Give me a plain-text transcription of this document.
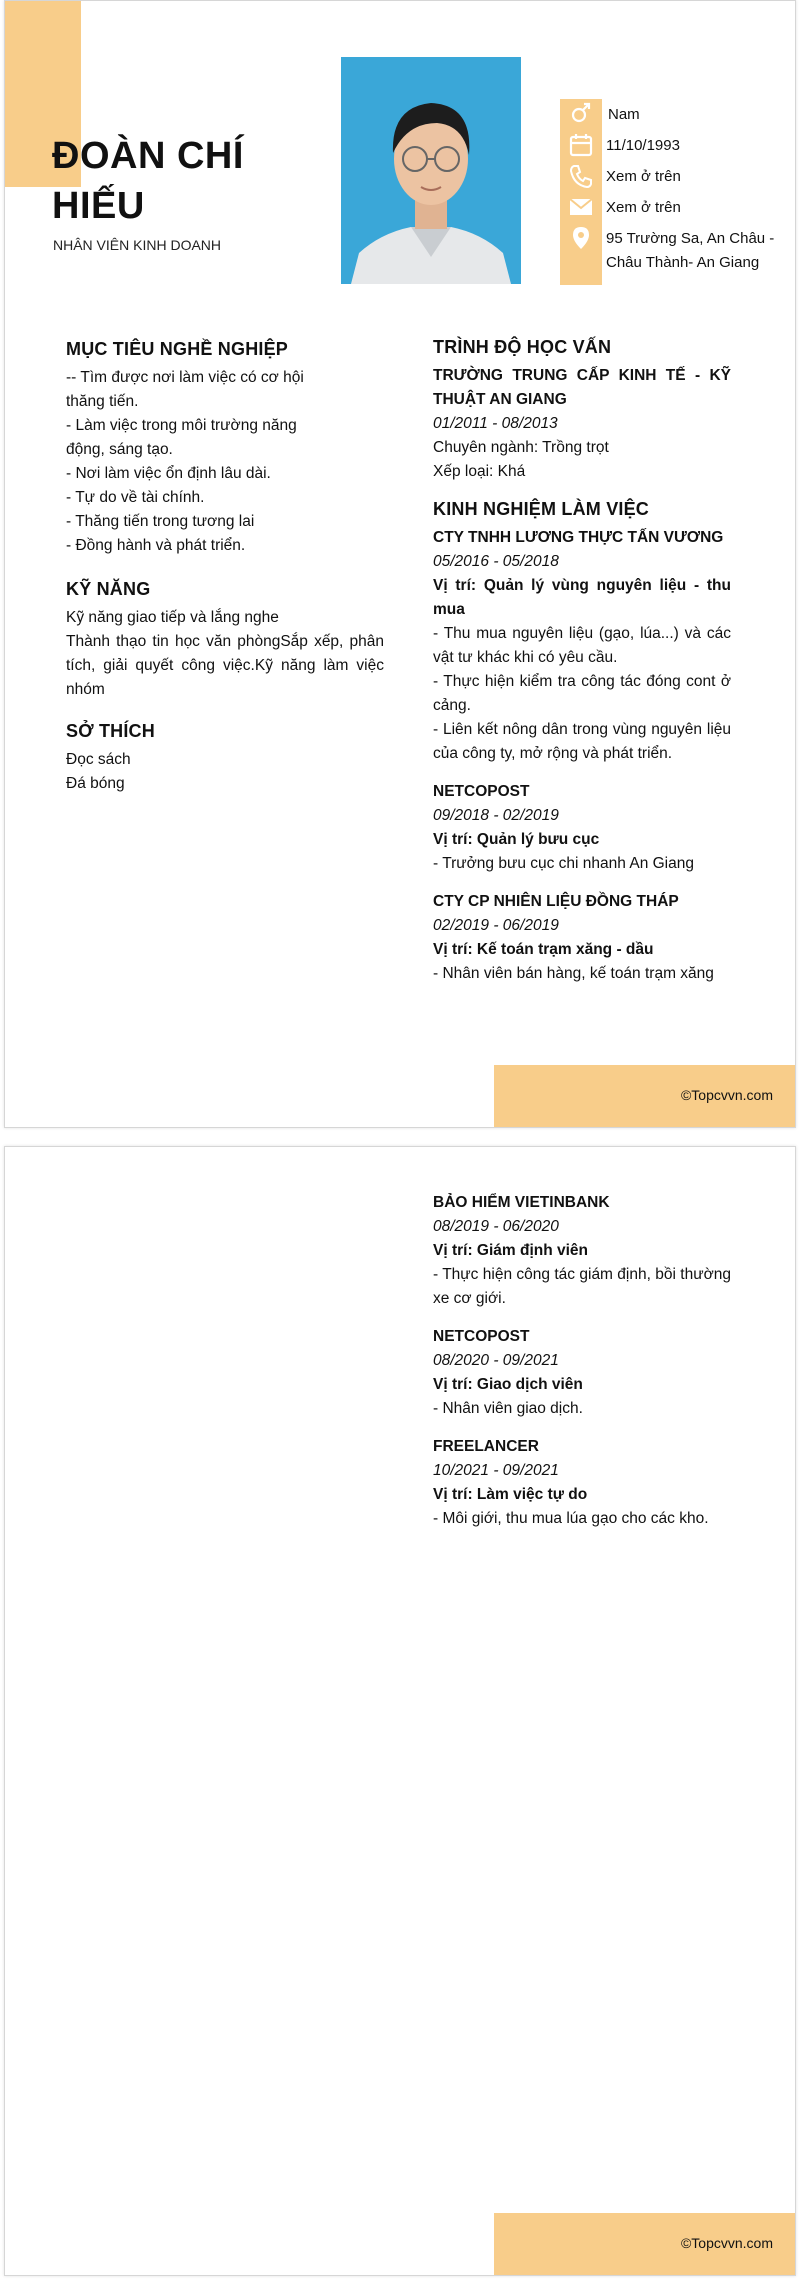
ĐOÀN CHÍ HIẾU
NHÂN VIÊN KINH DOANH
Nam
11/10/1993
Xem ở trên
Xem ở trên
95 Trường Sa, An Châu - Châu Thành- An Giang
MỤC TIÊU NGHỀ NGHIỆP
-- Tìm được nơi làm việc có cơ hội thăng tiến.
- Làm việc trong môi trường năng động, sáng tạo.
- Nơi làm việc ổn định lâu dài.
- Tự do về tài chính.
- Thăng tiến trong tương lai
- Đồng hành và phát triển.
KỸ NĂNG
Kỹ năng giao tiếp và lắng nghe
Thành thạo tin học văn phòngSắp xếp, phân tích, giải quyết công việc.Kỹ năng làm việc nhóm
SỞ THÍCH
Đọc sách
Đá bóng
TRÌNH ĐỘ HỌC VẤN
TRƯỜNG TRUNG CẤP KINH TẾ - KỸ THUẬT AN GIANG
01/2011 - 08/2013
Chuyên ngành: Trồng trọt
Xếp loại: Khá
KINH NGHIỆM LÀM VIỆC
CTY TNHH LƯƠNG THỰC TẤN VƯƠNG
05/2016 - 05/2018
Vị trí: Quản lý vùng nguyên liệu - thu mua
- Thu mua nguyên liệu (gạo, lúa...) và các vật tư khác khi có yêu cầu.
- Thực hiện kiểm tra công tác đóng cont ở cảng.
- Liên kết nông dân trong vùng nguyên liệu của công ty, mở rộng và phát triển.
NETCOPOST
09/2018 - 02/2019
Vị trí: Quản lý bưu cục
- Trưởng bưu cục chi nhanh An Giang
CTY CP NHIÊN LIỆU ĐỒNG THÁP
02/2019 - 06/2019
Vị trí: Kế toán trạm xăng - dầu
- Nhân viên bán hàng, kế toán trạm xăng
©Topcvvn.com
BẢO HIỂM VIETINBANK
08/2019 - 06/2020
Vị trí: Giám định viên
- Thực hiện công tác giám định, bồi thường xe cơ giới.
NETCOPOST
08/2020 - 09/2021
Vị trí: Giao dịch viên
- Nhân viên giao dịch.
FREELANCER
10/2021 - 09/2021
Vị trí: Làm việc tự do
- Môi giới, thu mua lúa gạo cho các kho.
©Topcvvn.com
